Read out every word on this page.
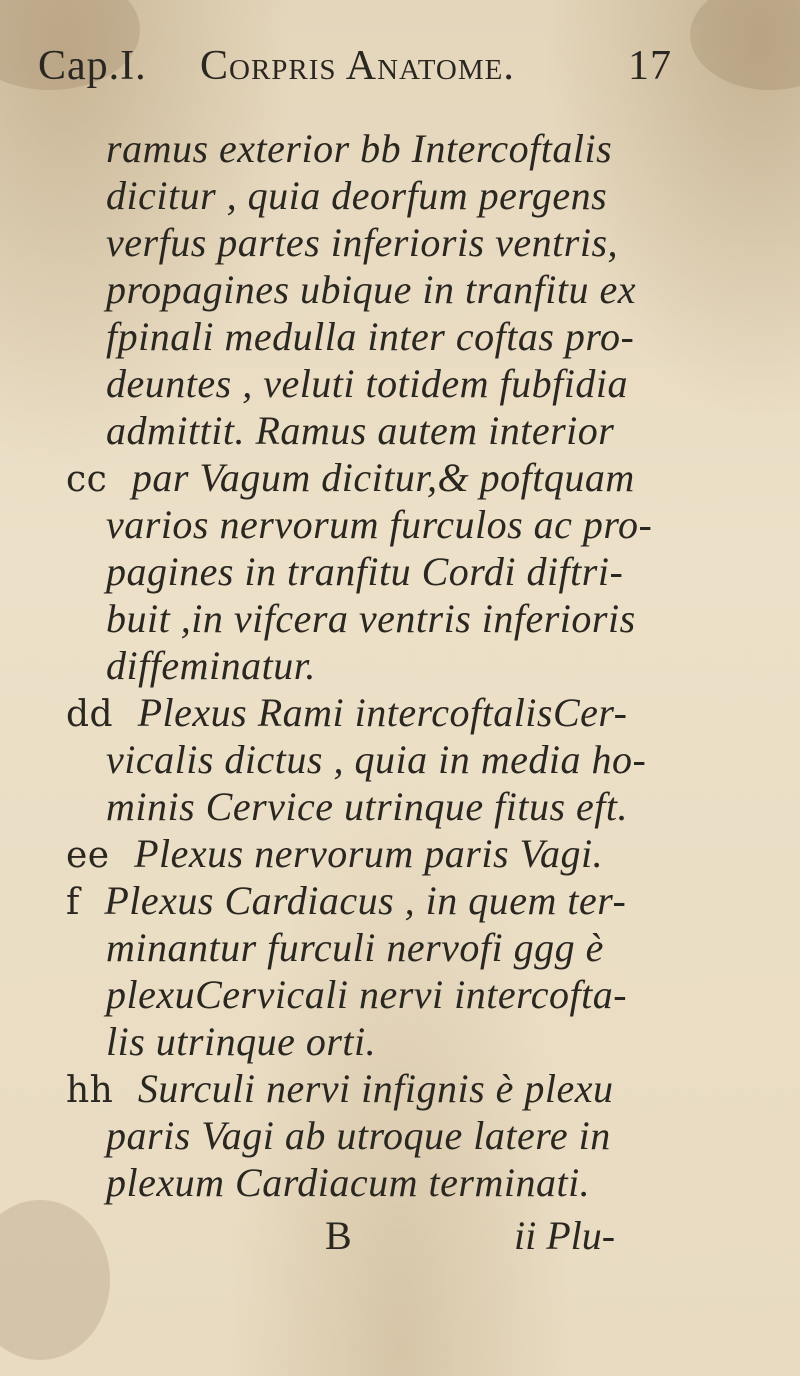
Cap.I. Corpris Anatome.	17
ramus exterior bb Intercoftalis
dicitur , quia deorfum pergens
verfus partes inferioris ventris,
propagines ubique in tranfitu ex
fpinali medulla inter coftas pro-
deuntes , veluti totidem fubfidia
admittit. Ramus autem interior
cc par Vagum dicitur,& poftquam
varios nervorum furculos ac pro-
pagines in tranfitu Cordi diftri-
buit ,in vifcera ventris inferioris
diffeminatur.
dd Plexus Rami intercoftalisCer-
vicalis dictus , quia in media ho-
minis Cervice utrinque fitus eft.
ee Plexus nervorum paris Vagi.
f Plexus Cardiacus , in quem ter-
minantur furculi nervofi ggg è
plexuCervicali nervi intercofta-
lis utrinque orti.
hh Surculi nervi infignis è plexu
paris Vagi ab utroque latere in
plexum Cardiacum terminati.
B	ii Plu-
